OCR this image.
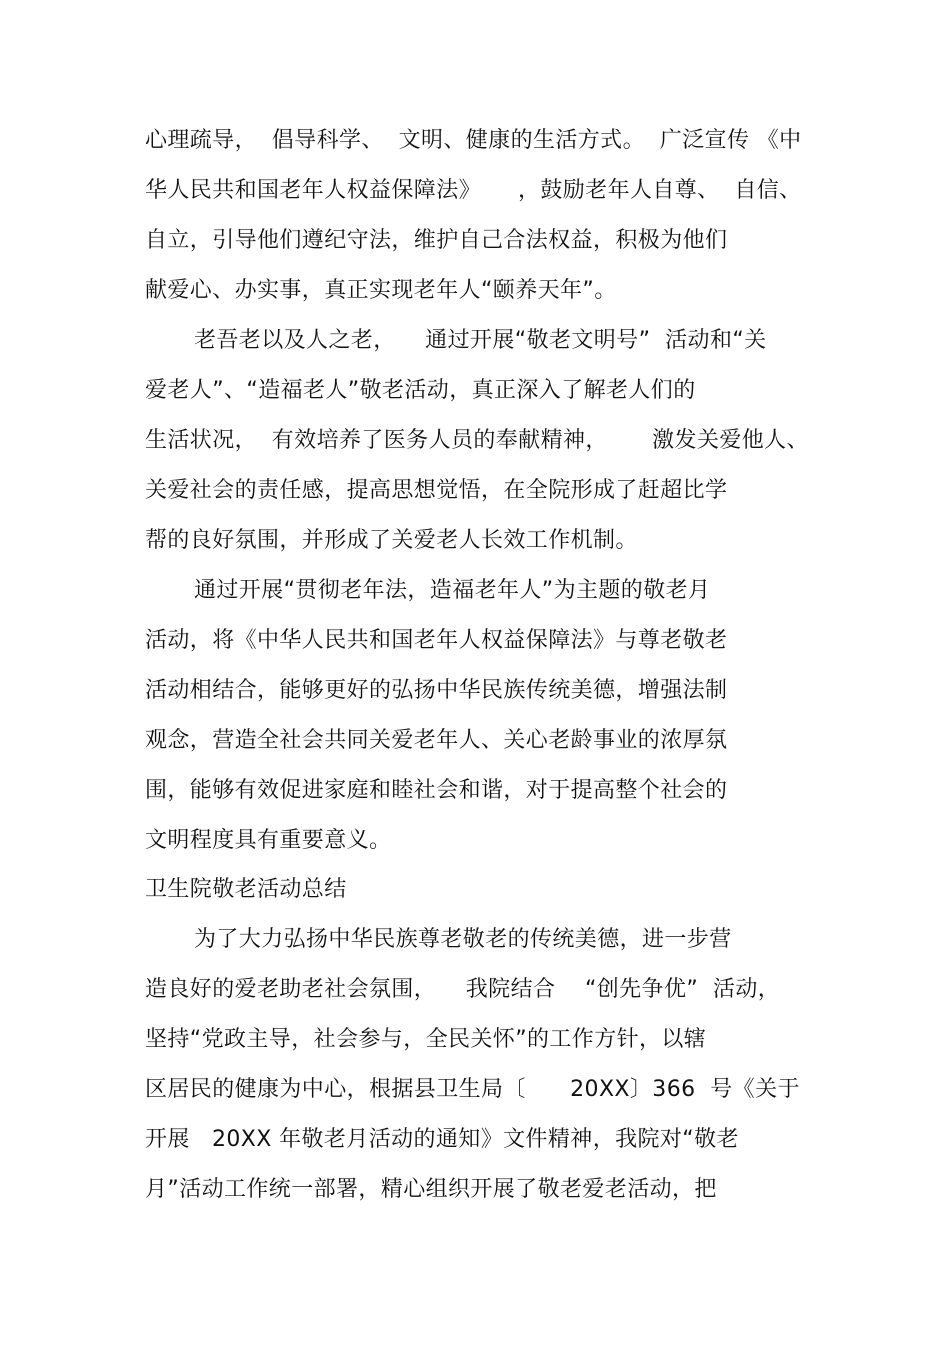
心理疏导，  倡导科学、  文明、健康的生活方式。  广泛宣传 《中
华人民共和国老年人权益保障法》     ，鼓励老年人自尊、  自信、
自立，引导他们遵纪守法，维护自己合法权益，积极为他们
献爱心、办实事，真正实现老年人“颐养天年”。
老吾老以及人之老，    通过开展“敬老文明号”  活动和“关
爱老人”、“造福老人”敬老活动，真正深入了解老人们的
生活状况，  有效培养了医务人员的奉献精神，      激发关爱他人、
关爱社会的责任感，提高思想觉悟，在全院形成了赶超比学
帮的良好氛围，并形成了关爱老人长效工作机制。
通过开展“贯彻老年法，造福老年人”为主题的敬老月
活动，将《中华人民共和国老年人权益保障法》与尊老敬老
活动相结合，能够更好的弘扬中华民族传统美德，增强法制
观念，营造全社会共同关爱老年人、关心老龄事业的浓厚氛
围，能够有效促进家庭和睦社会和谐，对于提高整个社会的
文明程度具有重要意义。
卫生院敬老活动总结
为了大力弘扬中华民族尊老敬老的传统美德，进一步营
造良好的爱老助老社会氛围，    我院结合    “创先争优”  活动，
坚持“党政主导，社会参与，全民关怀”的工作方针，以辖
区居民的健康为中心，根据县卫生局〔      20XX〕366  号《关于
开展   20XX 年敬老月活动的通知》文件精神，我院对“敬老
月”活动工作统一部署，精心组织开展了敬老爱老活动，把
